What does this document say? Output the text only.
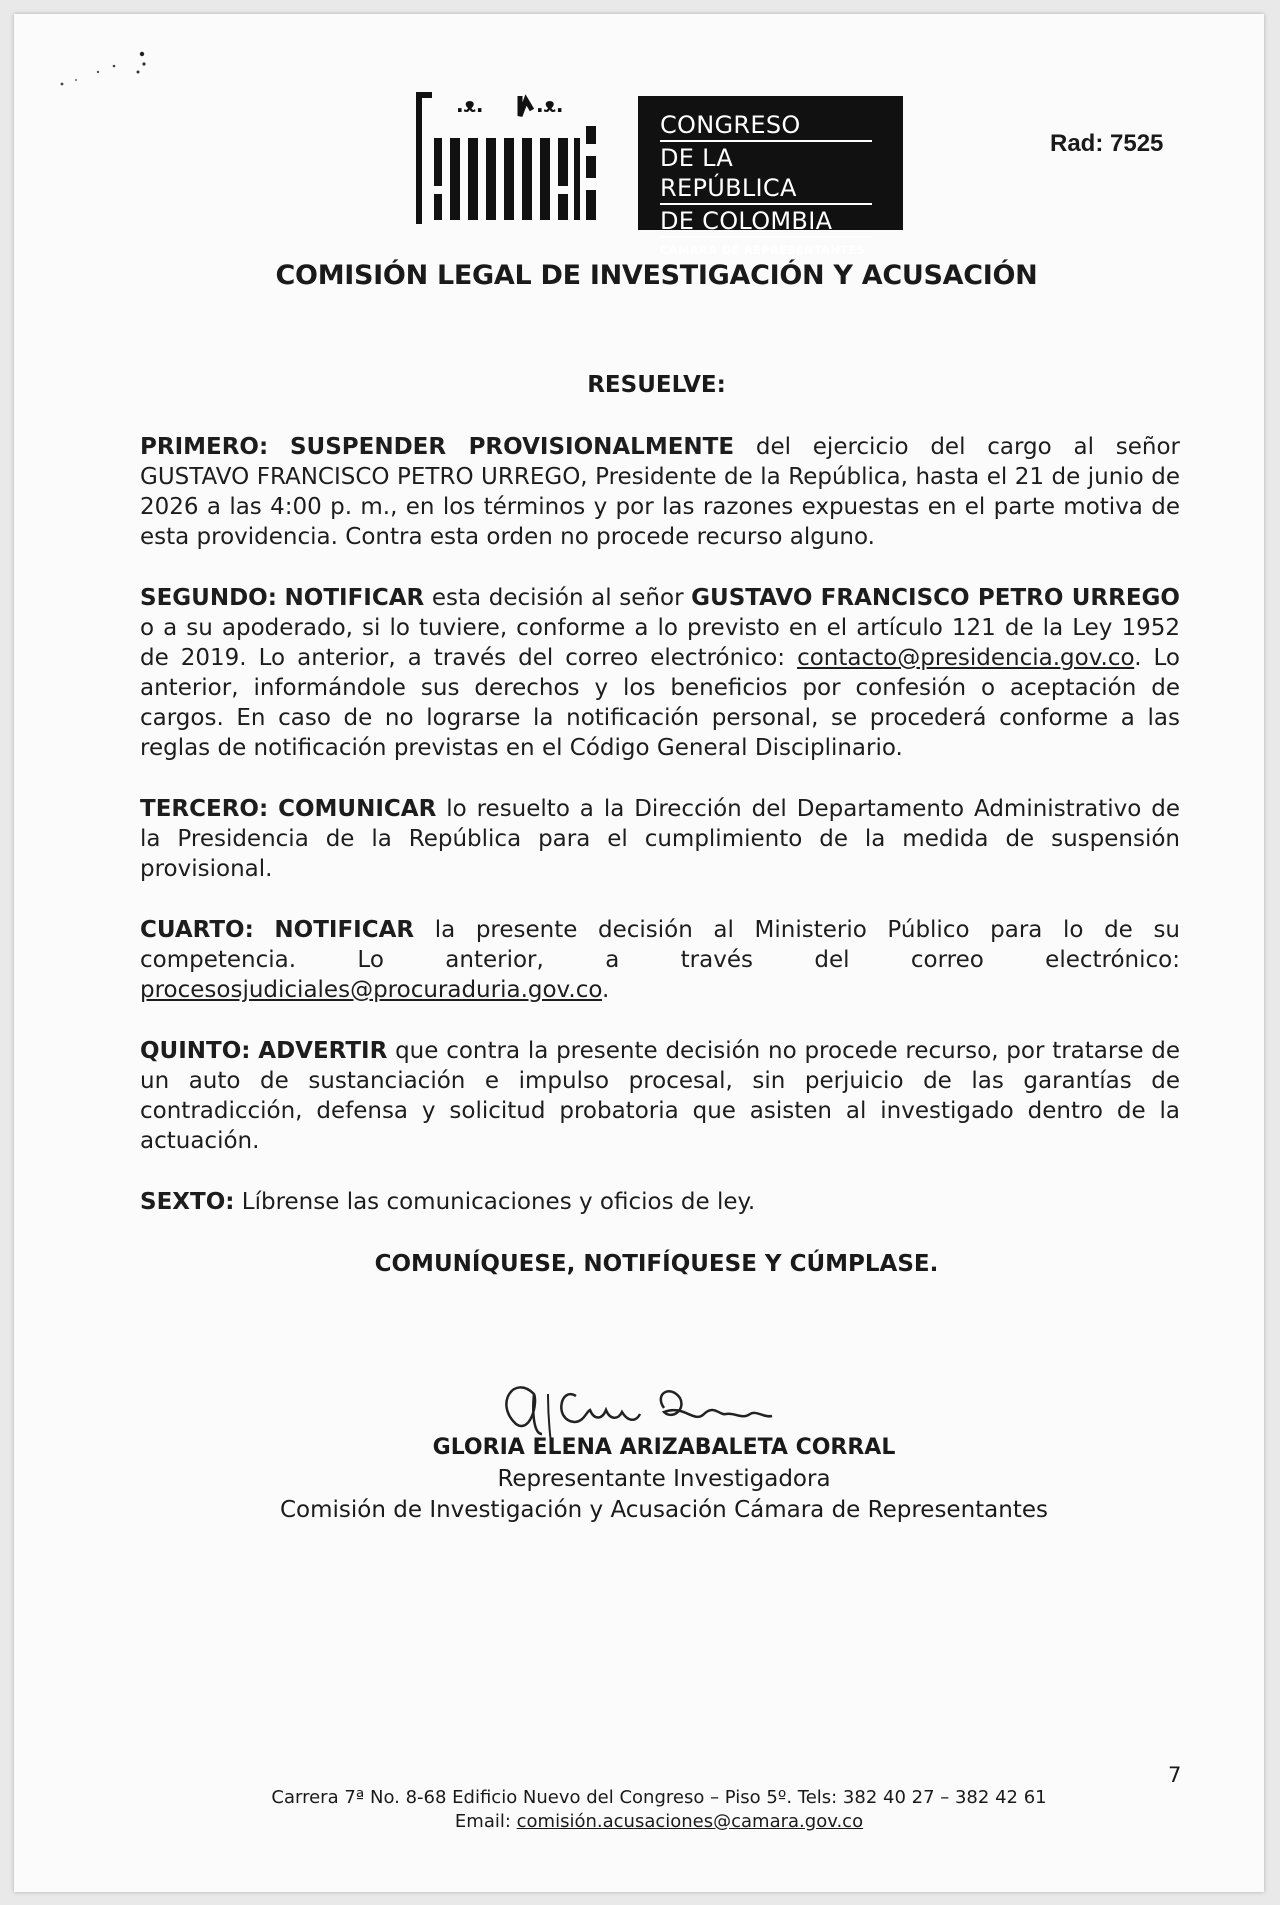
.ᴥ.	.ᴥ.
CONGRESO
DE LA REPÚBLICA
DE COLOMBIA
CÁMARA DE REPRESENTANTES
Rad: 7525
COMISIÓN LEGAL DE INVESTIGACIÓN Y ACUSACIÓN
RESUELVE:

PRIMERO: SUSPENDER PROVISIONALMENTE del ejercicio del cargo al señor GUSTAVO FRANCISCO PETRO URREGO, Presidente de la República, hasta el 21 de junio de 2026 a las 4:00 p. m., en los términos y por las razones expuestas en el parte motiva de esta providencia. Contra esta orden no procede recurso alguno.

SEGUNDO: NOTIFICAR esta decisión al señor GUSTAVO FRANCISCO PETRO URREGO o a su apoderado, si lo tuviere, conforme a lo previsto en el artículo 121 de la Ley 1952 de 2019. Lo anterior, a través del correo electrónico: contacto@presidencia.gov.co. Lo anterior, informándole sus derechos y los beneficios por confesión o aceptación de cargos. En caso de no lograrse la notificación personal, se procederá conforme a las reglas de notificación previstas en el Código General Disciplinario.

TERCERO: COMUNICAR lo resuelto a la Dirección del Departamento Administrativo de la Presidencia de la República para el cumplimiento de la medida de suspensión provisional.

CUARTO: NOTIFICAR la presente decisión al Ministerio Público para lo de su competencia. Lo anterior, a través del correo electrónico: procesosjudiciales@procuraduria.gov.co.

QUINTO: ADVERTIR que contra la presente decisión no procede recurso, por tratarse de un auto de sustanciación e impulso procesal, sin perjuicio de las garantías de contradicción, defensa y solicitud probatoria que asisten al investigado dentro de la actuación.

SEXTO: Líbrense las comunicaciones y oficios de ley.

COMUNÍQUESE, NOTIFÍQUESE Y CÚMPLASE.
GLORIA ELENA ARIZABALETA CORRAL
Representante Investigadora
Comisión de Investigación y Acusación Cámara de Representantes
7
Carrera 7ª No. 8-68 Edificio Nuevo del Congreso – Piso 5º. Tels: 382 40 27 – 382 42 61
Email: comisión.acusaciones@camara.gov.co
